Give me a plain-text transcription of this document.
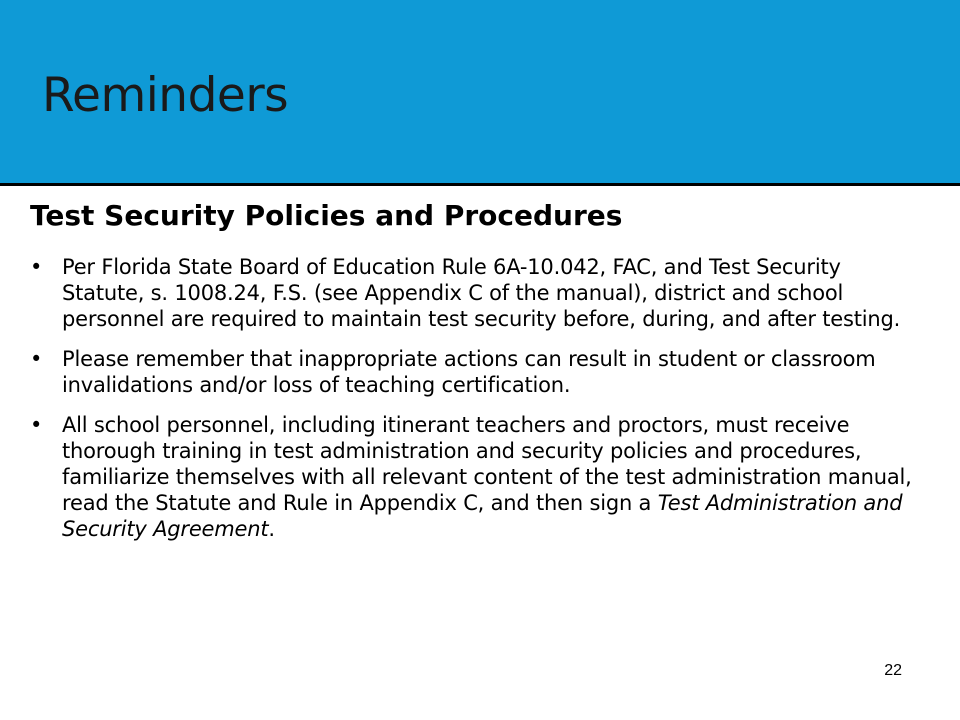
Reminders
Test Security Policies and Procedures
• Per Florida State Board of Education Rule 6A-10.042, FAC, and Test Security Statute, s. 1008.24, F.S. (see Appendix C of the manual), district and school personnel are required to maintain test security before, during, and after testing.
• Please remember that inappropriate actions can result in student or classroom invalidations and/or loss of teaching certification.
• All school personnel, including itinerant teachers and proctors, must receive thorough training in test administration and security policies and procedures, familiarize themselves with all relevant content of the test administration manual, read the Statute and Rule in Appendix C, and then sign a Test Administration and Security Agreement.
22
